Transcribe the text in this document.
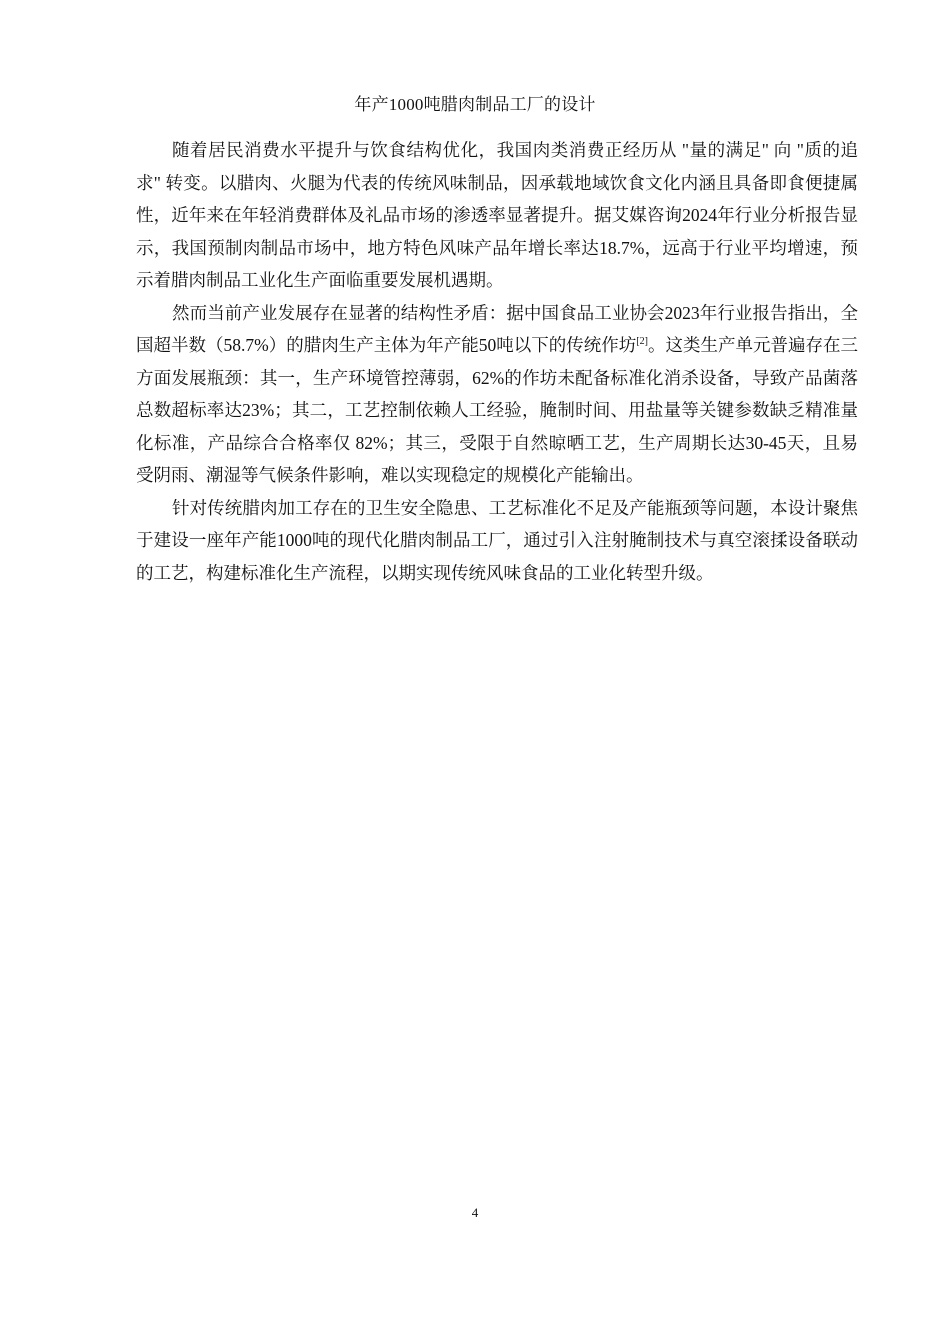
年产1000吨腊肉制品工厂的设计

随着居民消费水平提升与饮食结构优化，我国肉类消费正经历从 "量的满足" 向 "质的追求" 转变。以腊肉、火腿为代表的传统风味制品，因承载地域饮食文化内涵且具备即食便捷属性，近年来在年轻消费群体及礼品市场的渗透率显著提升。据艾媒咨询2024年行业分析报告显示，我国预制肉制品市场中，地方特色风味产品年增长率达18.7%，远高于行业平均增速，预示着腊肉制品工业化生产面临重要发展机遇期。

然而当前产业发展存在显著的结构性矛盾：据中国食品工业协会2023年行业报告指出，全国超半数（58.7%）的腊肉生产主体为年产能50吨以下的传统作坊[2]。这类生产单元普遍存在三方面发展瓶颈：其一，生产环境管控薄弱，62%的作坊未配备标准化消杀设备，导致产品菌落总数超标率达23%；其二，工艺控制依赖人工经验，腌制时间、用盐量等关键参数缺乏精准量化标准，产品综合合格率仅 82%；其三，受限于自然晾晒工艺，生产周期长达30-45天，且易受阴雨、潮湿等气候条件影响，难以实现稳定的规模化产能输出。

针对传统腊肉加工存在的卫生安全隐患、工艺标准化不足及产能瓶颈等问题，本设计聚焦于建设一座年产能1000吨的现代化腊肉制品工厂，通过引入注射腌制技术与真空滚揉设备联动的工艺，构建标准化生产流程，以期实现传统风味食品的工业化转型升级。

4
